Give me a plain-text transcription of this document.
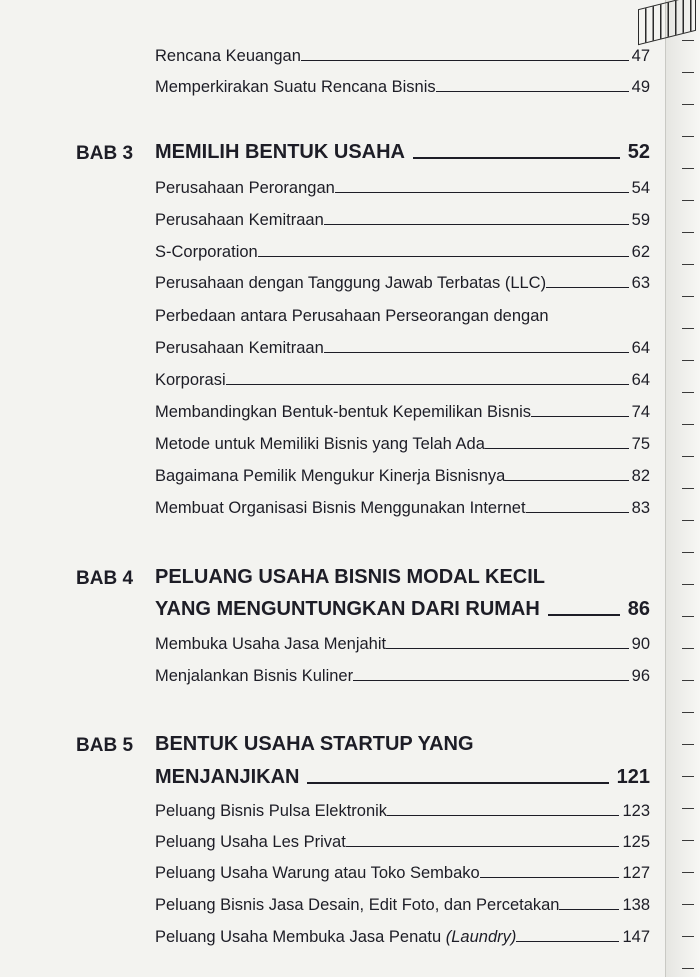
Rencana Keuangan	47
Memperkirakan Suatu Rencana Bisnis	49
BAB 3 MEMILIH BENTUK USAHA	52
Perusahaan Perorangan	54
Perusahaan Kemitraan	59
S-Corporation	62
Perusahaan dengan Tanggung Jawab Terbatas (LLC)	63
Perbedaan antara Perusahaan Perseorangan dengan
Perusahaan Kemitraan	64
Korporasi	64
Membandingkan Bentuk-bentuk Kepemilikan Bisnis	74
Metode untuk Memiliki Bisnis yang Telah Ada	75
Bagaimana Pemilik Mengukur Kinerja Bisnisnya	82
Membuat Organisasi Bisnis Menggunakan Internet	83
BAB 4 PELUANG USAHA BISNIS MODAL KECIL
YANG MENGUNTUNGKAN DARI RUMAH	86
Membuka Usaha Jasa Menjahit	90
Menjalankan Bisnis Kuliner	96
BAB 5 BENTUK USAHA STARTUP YANG
MENJANJIKAN	121
Peluang Bisnis Pulsa Elektronik	123
Peluang Usaha Les Privat	125
Peluang Usaha Warung atau Toko Sembako	127
Peluang Bisnis Jasa Desain, Edit Foto, dan Percetakan	138
Peluang Usaha Membuka Jasa Penatu (Laundry)	147
